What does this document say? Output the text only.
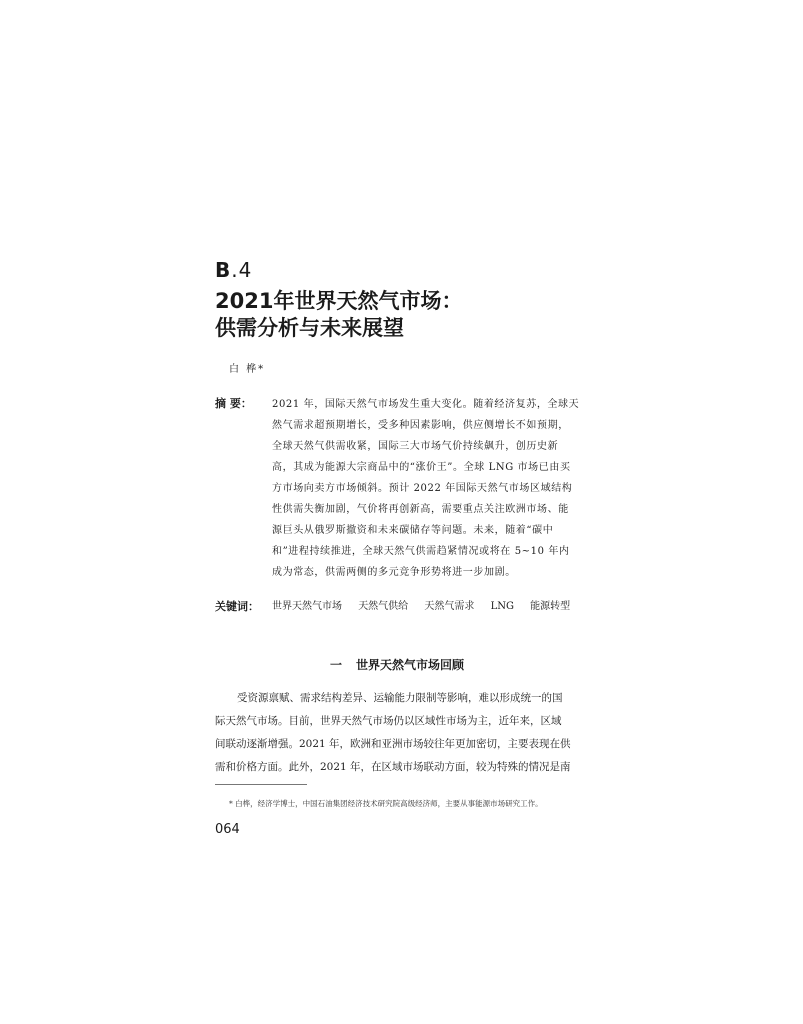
B.4
2021年世界天然气市场：
供需分析与未来展望
白 桦*
摘 要： 2021 年，国际天然气市场发生重大变化。随着经济复苏，全球天
然气需求超预期增长，受多种因素影响，供应侧增长不如预期，
全球天然气供需收紧，国际三大市场气价持续飙升，创历史新
高，其成为能源大宗商品中的“涨价王”。全球 LNG 市场已由买
方市场向卖方市场倾斜。预计 2022 年国际天然气市场区域结构
性供需失衡加剧，气价将再创新高，需要重点关注欧洲市场、能
源巨头从俄罗斯撤资和未来碳储存等问题。未来，随着“碳中
和”进程持续推进，全球天然气供需趋紧情况或将在 5~10 年内
成为常态，供需两侧的多元竞争形势将进一步加剧。
关键词： 世界天然气市场 天然气供给 天然气需求 LNG 能源转型
一 世界天然气市场回顾
受资源禀赋、需求结构差异、运输能力限制等影响，难以形成统一的国
际天然气市场。目前，世界天然气市场仍以区域性市场为主，近年来，区域
间联动逐渐增强。2021 年，欧洲和亚洲市场较往年更加密切，主要表现在供
需和价格方面。此外，2021 年，在区域市场联动方面，较为特殊的情况是南
* 白桦，经济学博士，中国石油集团经济技术研究院高级经济师，主要从事能源市场研究工作。
064
